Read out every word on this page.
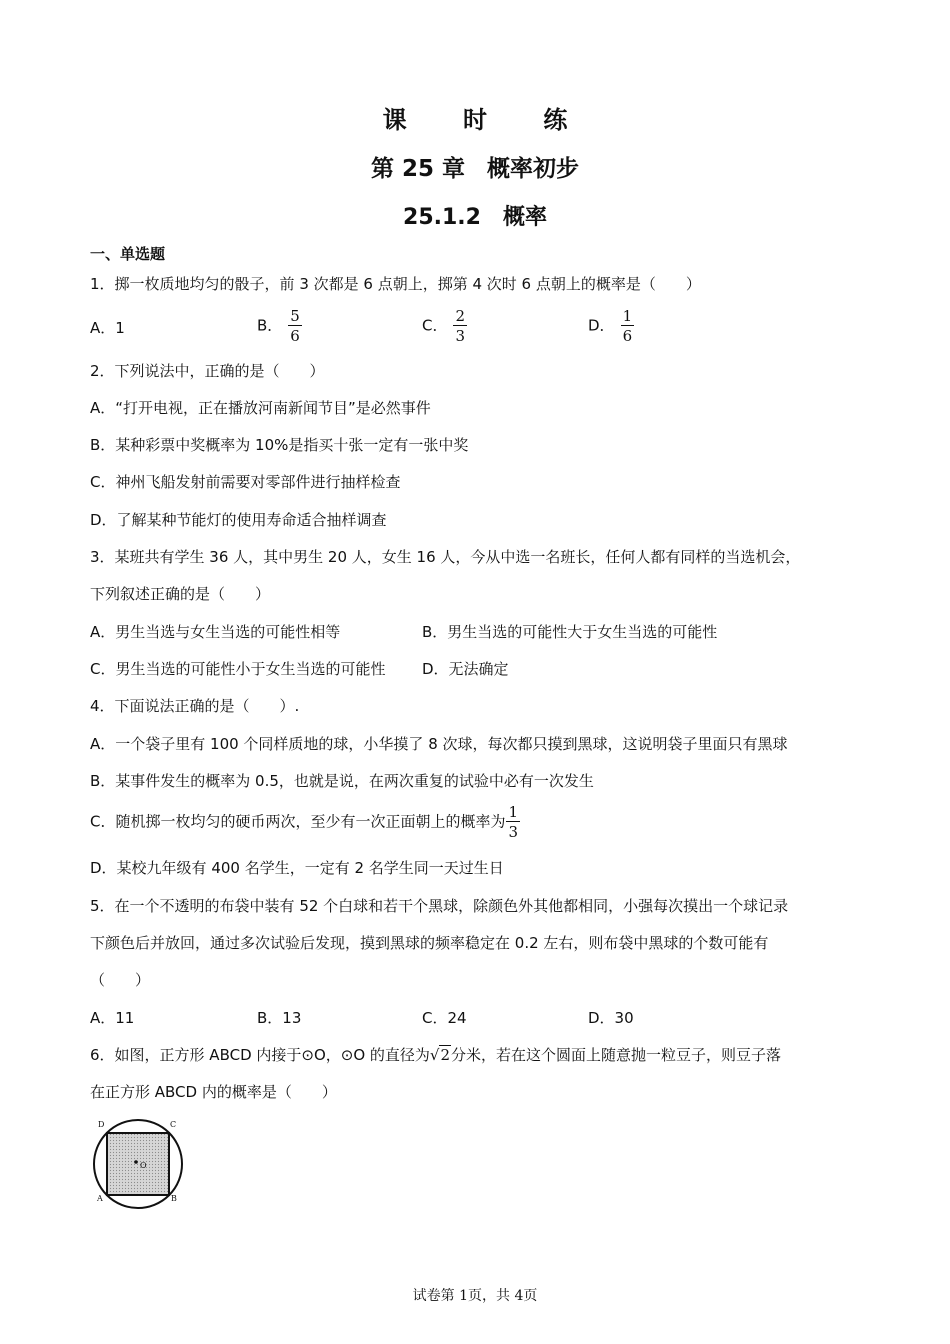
课 时 练
第 25 章 概率初步
25.1.2　概率
一、单选题
1．掷一枚质地均匀的骰子，前 3 次都是 6 点朝上，掷第 4 次时 6 点朝上的概率是（　　）
A．1	B． $\frac{5}{6}$	C． $\frac{2}{3}$	D． $\frac{1}{6}$
2．下列说法中，正确的是（　　）
A．“打开电视，正在播放河南新闻节目”是必然事件
B．某种彩票中奖概率为 10%是指买十张一定有一张中奖
C．神州飞船发射前需要对零部件进行抽样检查
D．了解某种节能灯的使用寿命适合抽样调查
3．某班共有学生 36 人，其中男生 20 人，女生 16 人，今从中选一名班长，任何人都有同样的当选机会，
下列叙述正确的是（　　）
A．男生当选与女生当选的可能性相等	B．男生当选的可能性大于女生当选的可能性
C．男生当选的可能性小于女生当选的可能性 D．无法确定
4．下面说法正确的是（　　）.
A．一个袋子里有 100 个同样质地的球，小华摸了 8 次球，每次都只摸到黑球，这说明袋子里面只有黑球
B．某事件发生的概率为 0.5，也就是说，在两次重复的试验中必有一次发生
C．随机掷一枚均匀的硬币两次，至少有一次正面朝上的概率为 $\frac{1}{3}$
D．某校九年级有 400 名学生，一定有 2 名学生同一天过生日
5．在一个不透明的布袋中装有 52 个白球和若干个黑球，除颜色外其他都相同，小强每次摸出一个球记录
下颜色后并放回，通过多次试验后发现，摸到黑球的频率稳定在 0.2 左右，则布袋中黑球的个数可能有
（　　）
A．11	B．13	C．24	D．30
6．如图，正方形 ABCD 内接于⊙O，⊙O 的直径为√2分米，若在这个圆面上随意抛一粒豆子，则豆子落
在正方形 ABCD 内的概率是（　　）
O
D	C
A	B
试卷第 1页，共 4页
